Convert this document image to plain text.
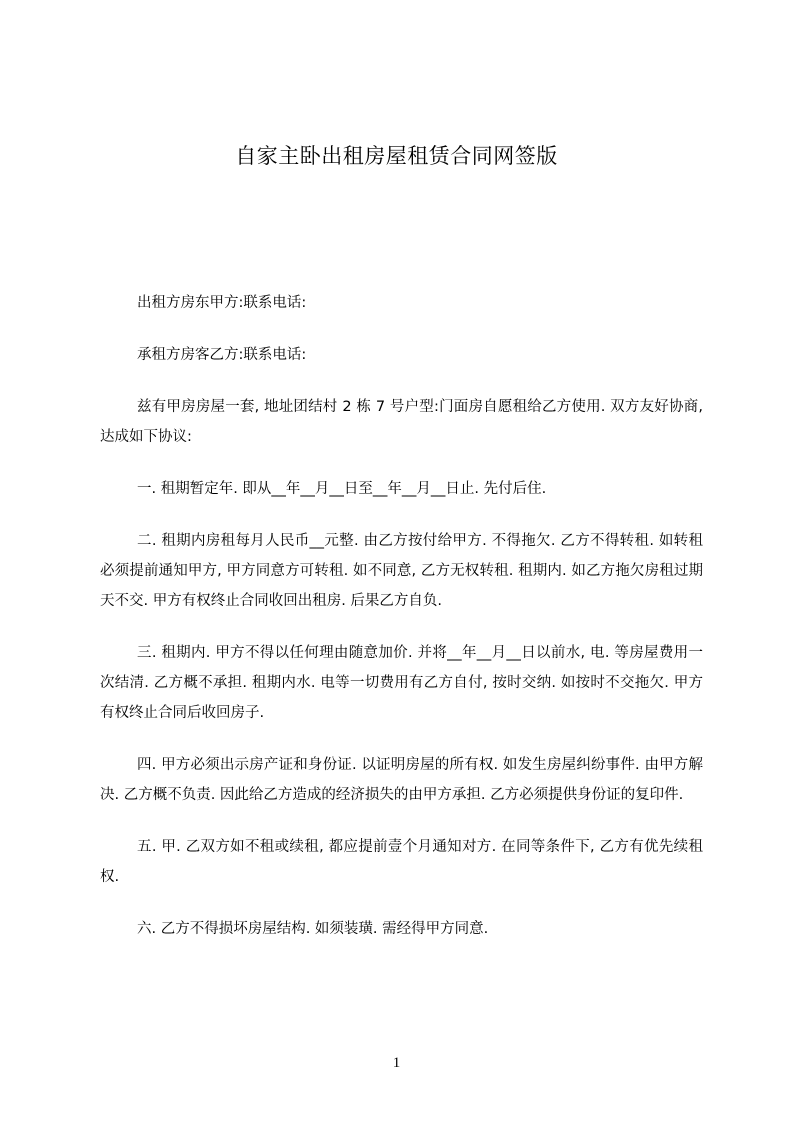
自家主卧出租房屋租赁合同网签版

出租方房东甲方:联系电话:

承租方房客乙方:联系电话:

兹有甲房房屋一套, 地址团结村 2 栋 7 号户型:门面房自愿租给乙方使用. 双方友好协商, 达成如下协议:

一. 租期暂定年. 即从__年__月__日至__年__月__日止. 先付后住.

二. 租期内房租每月人民币__元整. 由乙方按付给甲方. 不得拖欠. 乙方不得转租. 如转租必须提前通知甲方, 甲方同意方可转租. 如不同意, 乙方无权转租. 租期内. 如乙方拖欠房租过期天不交. 甲方有权终止合同收回出租房. 后果乙方自负.

三. 租期内. 甲方不得以任何理由随意加价. 并将__年__月__日以前水, 电. 等房屋费用一次结清. 乙方概不承担. 租期内水. 电等一切费用有乙方自付, 按时交纳. 如按时不交拖欠. 甲方有权终止合同后收回房子.

四. 甲方必须出示房产证和身份证. 以证明房屋的所有权. 如发生房屋纠纷事件. 由甲方解决. 乙方概不负责. 因此给乙方造成的经济损失的由甲方承担. 乙方必须提供身份证的复印件.

五. 甲. 乙双方如不租或续租, 都应提前壹个月通知对方. 在同等条件下, 乙方有优先续租权.

六. 乙方不得损坏房屋结构. 如须装璜. 需经得甲方同意.

1
